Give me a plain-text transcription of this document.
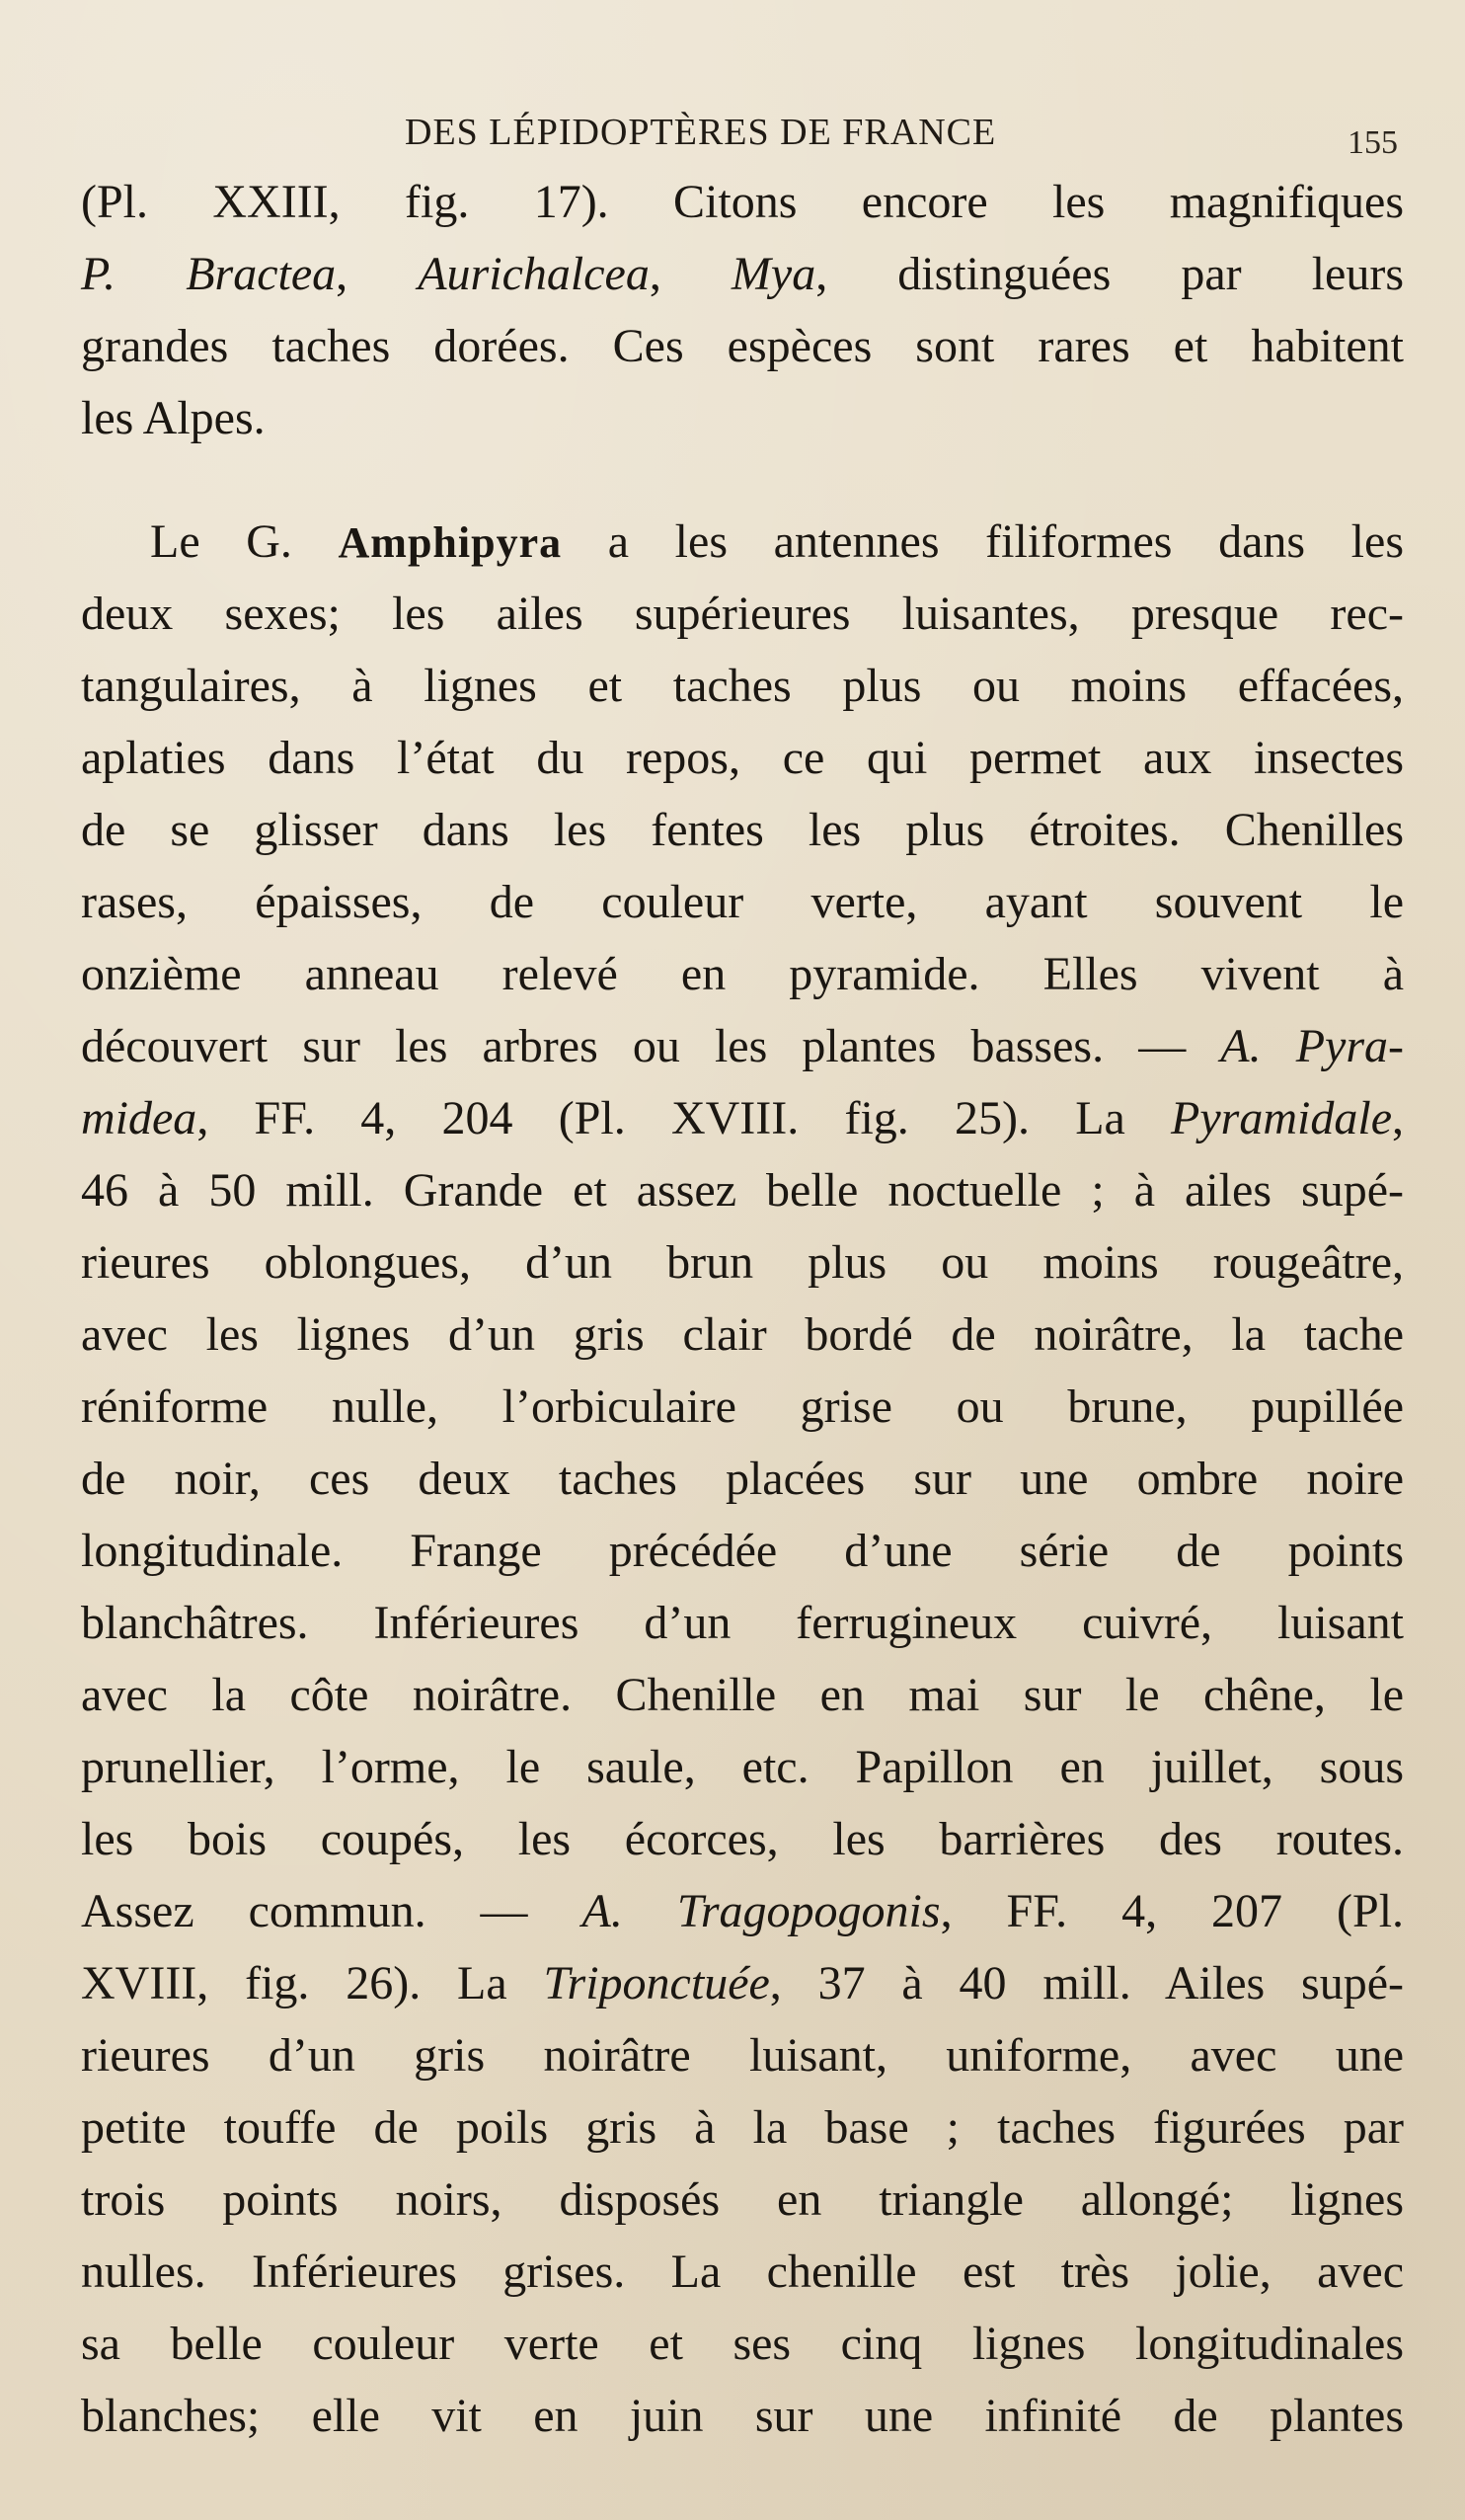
DES LÉPIDOPTÈRES DE FRANCE	155
(Pl. XXIII, fig. 17). Citons encore les magnifiques
P. Bractea, Aurichalcea, Mya, distinguées par leurs
grandes taches dorées. Ces espèces sont rares et habitent
les Alpes.
Le G. Amphipyra a les antennes filiformes dans les
deux sexes; les ailes supérieures luisantes, presque rec-
tangulaires, à lignes et taches plus ou moins effacées,
aplaties dans l’état du repos, ce qui permet aux insectes
de se glisser dans les fentes les plus étroites. Chenilles
rases, épaisses, de couleur verte, ayant souvent le
onzième anneau relevé en pyramide. Elles vivent à
découvert sur les arbres ou les plantes basses. — A. Pyra-
midea, FF. 4, 204 (Pl. XVIII. fig. 25). La Pyramidale,
46 à 50 mill. Grande et assez belle noctuelle ; à ailes supé-
rieures oblongues, d’un brun plus ou moins rougeâtre,
avec les lignes d’un gris clair bordé de noirâtre, la tache
réniforme nulle, l’orbiculaire grise ou brune, pupillée
de noir, ces deux taches placées sur une ombre noire
longitudinale. Frange précédée d’une série de points
blanchâtres. Inférieures d’un ferrugineux cuivré, luisant
avec la côte noirâtre. Chenille en mai sur le chêne, le
prunellier, l’orme, le saule, etc. Papillon en juillet, sous
les bois coupés, les écorces, les barrières des routes.
Assez commun. — A. Tragopogonis, FF. 4, 207 (Pl.
XVIII, fig. 26). La Triponctuée, 37 à 40 mill. Ailes supé-
rieures d’un gris noirâtre luisant, uniforme, avec une
petite touffe de poils gris à la base ; taches figurées par
trois points noirs, disposés en triangle allongé; lignes
nulles. Inférieures grises. La chenille est très jolie, avec
sa belle couleur verte et ses cinq lignes longitudinales
blanches; elle vit en juin sur une infinité de plantes
